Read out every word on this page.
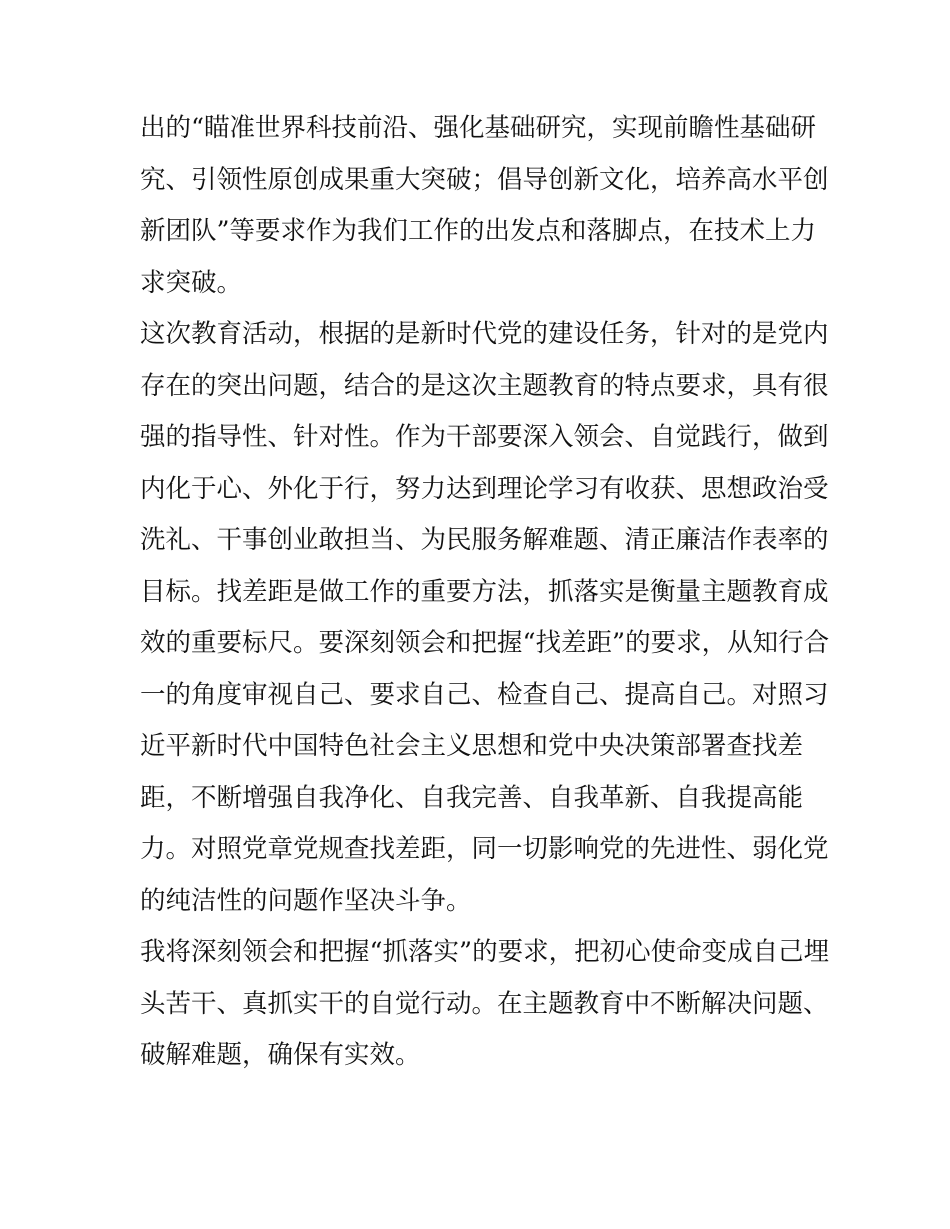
出的“瞄准世界科技前沿、强化基础研究，实现前瞻性基础研
究、引领性原创成果重大突破；倡导创新文化，培养高水平创
新团队”等要求作为我们工作的出发点和落脚点，在技术上力
求突破。
这次教育活动，根据的是新时代党的建设任务，针对的是党内
存在的突出问题，结合的是这次主题教育的特点要求，具有很
强的指导性、针对性。作为干部要深入领会、自觉践行，做到
内化于心、外化于行，努力达到理论学习有收获、思想政治受
洗礼、干事创业敢担当、为民服务解难题、清正廉洁作表率的
目标。找差距是做工作的重要方法，抓落实是衡量主题教育成
效的重要标尺。要深刻领会和把握“找差距”的要求，从知行合
一的角度审视自己、要求自己、检查自己、提高自己。对照习
近平新时代中国特色社会主义思想和党中央决策部署查找差
距，不断增强自我净化、自我完善、自我革新、自我提高能
力。对照党章党规查找差距，同一切影响党的先进性、弱化党
的纯洁性的问题作坚决斗争。
我将深刻领会和把握“抓落实”的要求，把初心使命变成自己埋
头苦干、真抓实干的自觉行动。在主题教育中不断解决问题、
破解难题，确保有实效。
